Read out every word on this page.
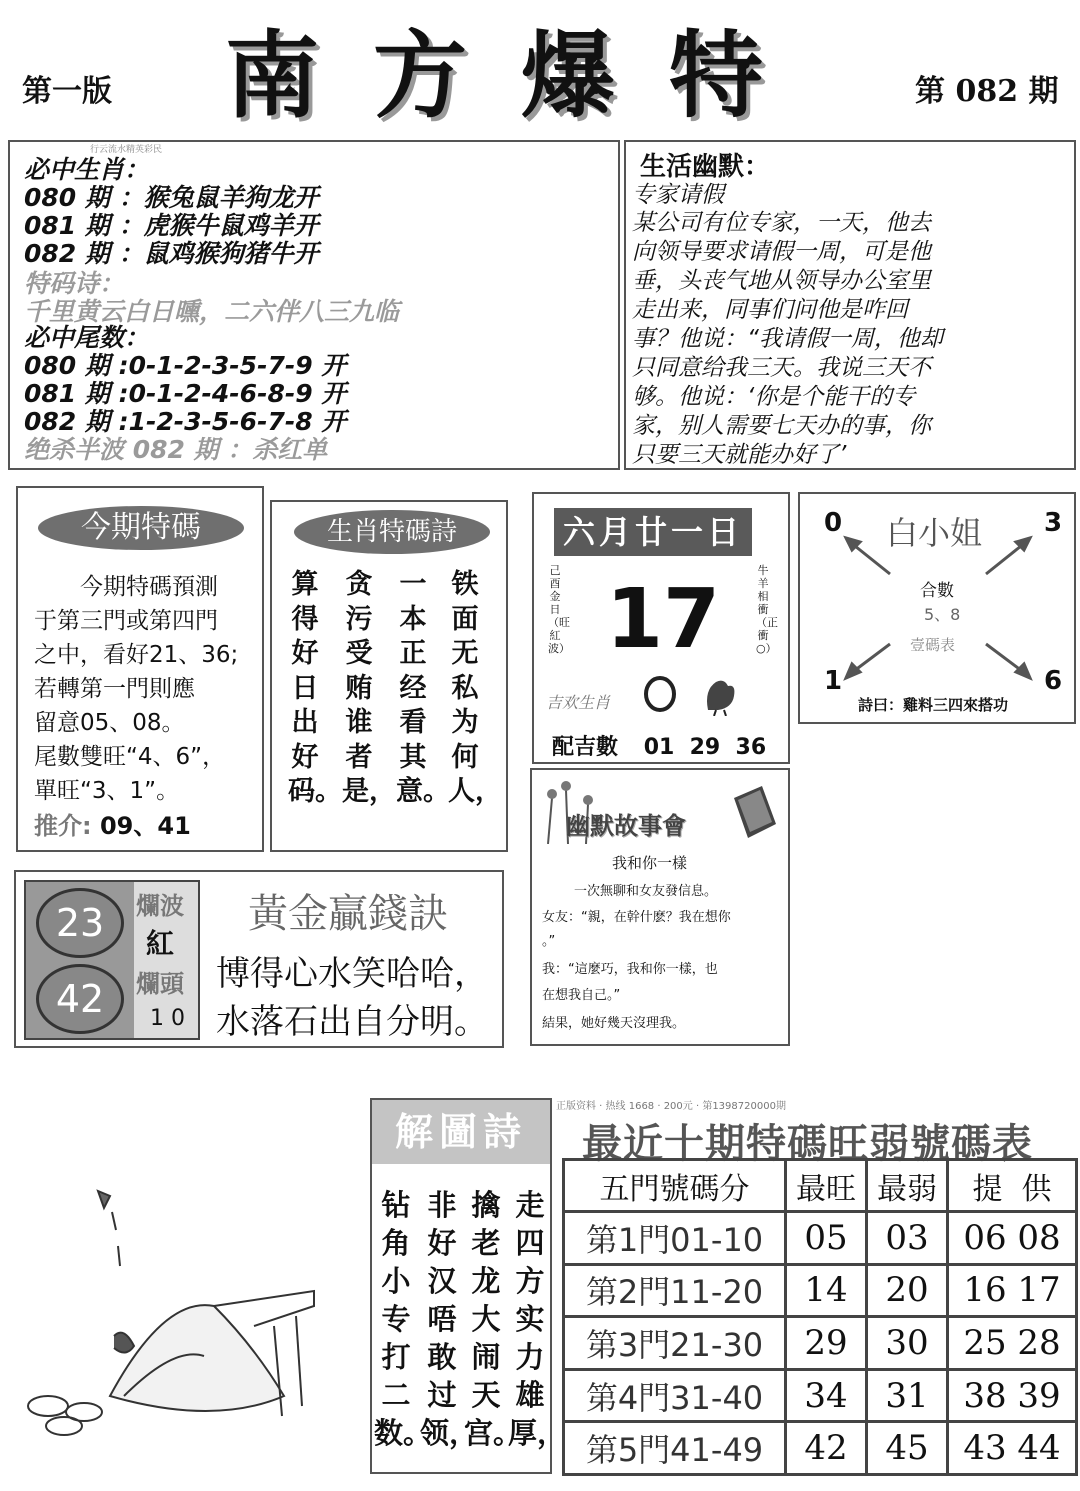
第一版 南方爆特	第 082 期
行云流水精英彩民
必中生肖：
080 期 ：猴兔鼠羊狗龙开
081 期 ：虎猴牛鼠鸡羊开
082 期 ：鼠鸡猴狗猪牛开
特码诗：
千里黄云白日曛，二六伴八三九临
必中尾数：
080 期 :0-1-2-3-5-7-9 开
081 期 :0-1-2-4-6-8-9 开
082 期 :1-2-3-5-6-7-8 开
绝杀半波 082 期 ：杀红单
生活幽默：
专家请假
某公司有位专家，一天，他去
向领导要求请假一周，可是他
垂，头丧气地从领导办公室里
走出来，同事们问他是咋回
事？他说：“我请假一周，他却
只同意给我三天。我说三天不
够。他说：‘你是个能干的专
家，别人需要七天办的事，你
只要三天就能办好了’
今期特碼
今期特碼預測
于第三門或第四門
之中，看好21、36;
若轉第一門則應
留意05、08。
尾數雙旺“4、6”，
單旺“3、1”。
推介: 09、41
生肖特碼詩
铁面无私为何人，
一本正经看其意。
贪污受贿谁者是，
算得好日出好码。
六月廿一日
己酉金日（旺紅波） 17
牛羊相衝（正衝○）
吉欢生肖
配吉數 01  29  36
白小姐
0	3
1	6
合數
5、8
壹碼表
詩曰：雞料三四來搭功
幽默故事會
我和你一樣
一次無聊和女友發信息。
女友：“親，在幹什麽？我在想你
。”
我：“這麼巧，我和你一樣，也
在想我自己。”
結果，她好幾天沒理我。
23
42
爛波
紅
爛頭
1 0
黃金贏錢訣
博得心水笑哈哈，
水落石出自分明。
解圖詩
走四方实力雄厚，
擒老龙大闹天宫。
非好汉唔敢过领，
钻角小专打二数。
正版资料 · 热线 1668 · 200元 · 第1398720000期
最近十期特碼旺弱號碼表
五門號碼分	最旺	最弱	提  供
第1門01-10	05	03	06 08
第2門11-20	14	20	16 17
第3門21-30	29	30	25 28
第4門31-40	34	31	38 39
第5門41-49	42	45	43 44
